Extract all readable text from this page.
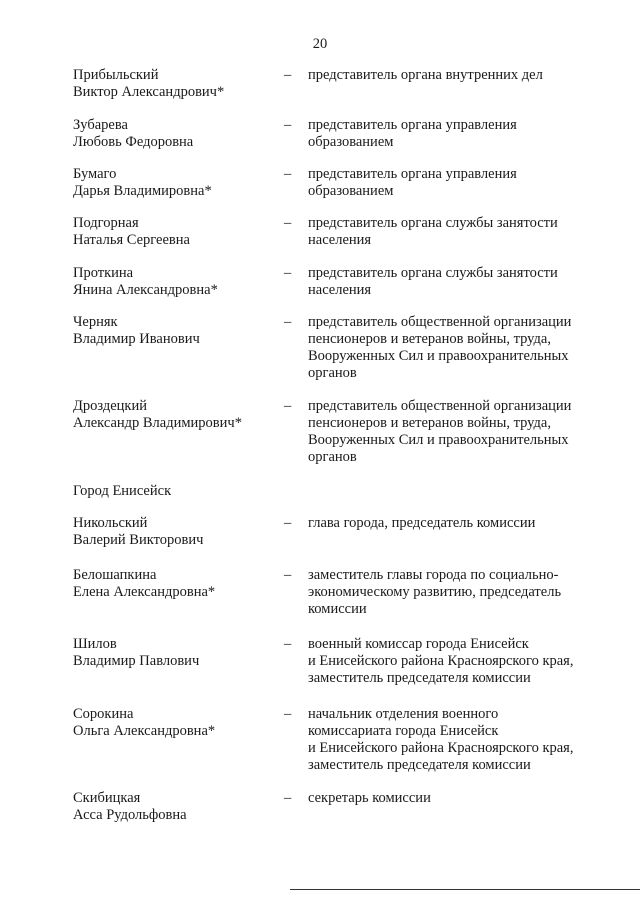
20
Прибыльский
Виктор Александрович*
– представитель органа внутренних дел
Зубарева
Любовь Федоровна
– представитель органа управления
образованием
Бумаго
Дарья Владимировна*
– представитель органа управления
образованием
Подгорная
Наталья Сергеевна
– представитель органа службы занятости
населения
Проткина
Янина Александровна*
– представитель органа службы занятости
населения
Черняк
Владимир Иванович
– представитель общественной организации
пенсионеров и ветеранов войны, труда,
Вооруженных Сил и правоохранительных
органов
Дроздецкий
Александр Владимирович*
– представитель общественной организации
пенсионеров и ветеранов войны, труда,
Вооруженных Сил и правоохранительных
органов
Город Енисейск
Никольский
Валерий Викторович
– глава города, председатель комиссии
Белошапкина
Елена Александровна*
– заместитель главы города по социально-
экономическому развитию, председатель
комиссии
Шилов
Владимир Павлович
– военный комиссар города Енисейск
и Енисейского района Красноярского края,
заместитель председателя комиссии
Сорокина
Ольга Александровна*
– начальник отделения военного
комиссариата города Енисейск
и Енисейского района Красноярского края,
заместитель председателя комиссии
Скибицкая
Асса Рудольфовна
– секретарь комиссии
